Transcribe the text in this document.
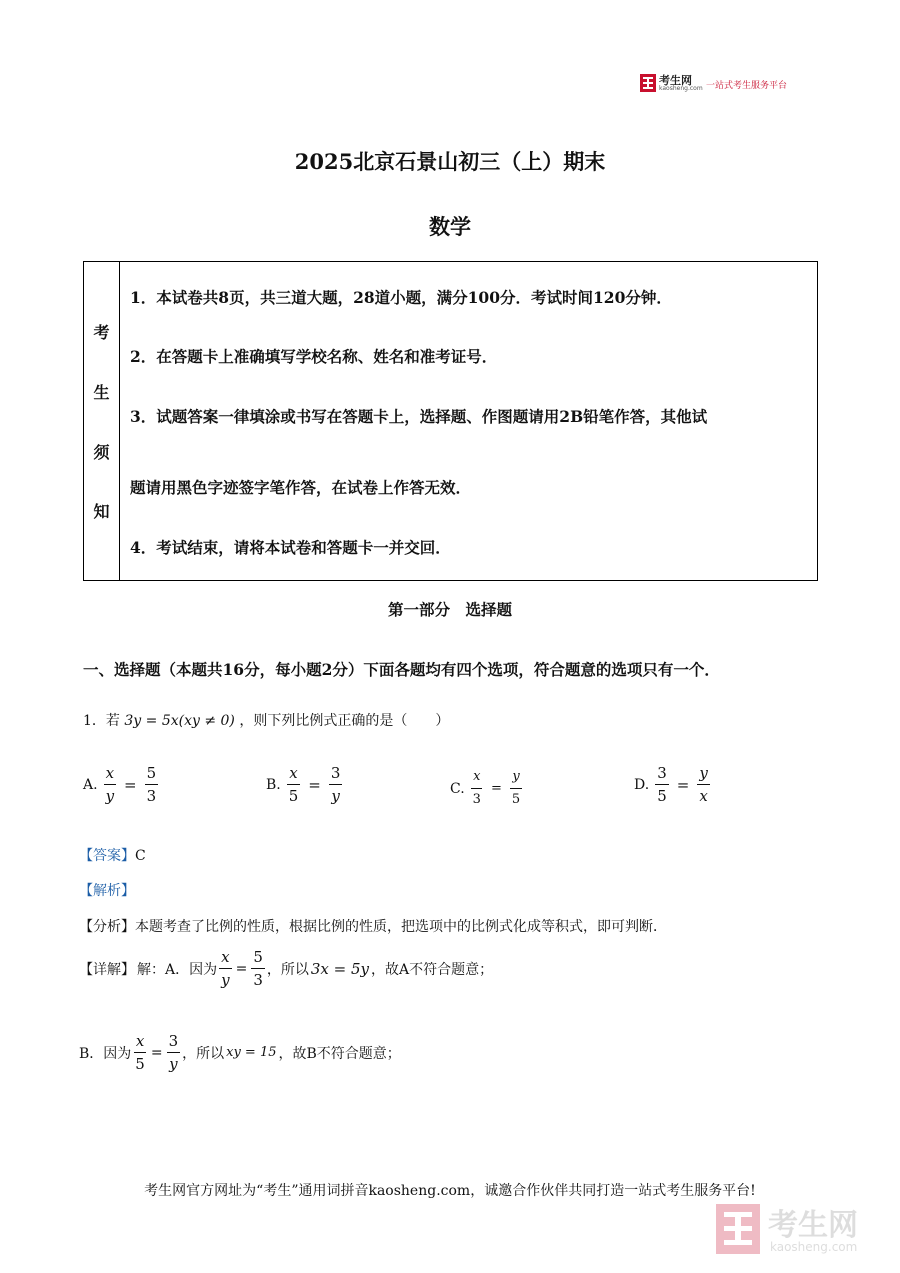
考生网
kaosheng.com 一站式考生服务平台
2025北京石景山初三（上）期末
数学
考
生
须
知
1．本试卷共8页，共三道大题，28道小题，满分100分．考试时间120分钟．
2．在答题卡上准确填写学校名称、姓名和准考证号．
3．试题答案一律填涂或书写在答题卡上，选择题、作图题请用2B铅笔作答，其他试
题请用黑色字迹签字笔作答，在试卷上作答无效．
4．考试结束，请将本试卷和答题卡一并交回．
第一部分　选择题
一、选择题（本题共16分，每小题2分）下面各题均有四个选项，符合题意的选项只有一个．
1．若 3y = 5x(xy ≠ 0) ，则下列比例式正确的是（　　）
A. $\frac{x}{y} = \frac{5}{3}$	B. $\frac{x}{5} = \frac{3}{y}$	C. $\frac{x}{3} = \frac{y}{5}$	D. $\frac{3}{5} = \frac{y}{x}$
【答案】C
【解析】
【分析】本题考查了比例的性质，根据比例的性质，把选项中的比例式化成等积式，即可判断．
【详解】 解：A．因为 $\frac{x}{y} = \frac{5}{3}$ ，所以 3x = 5y ，故A不符合题意；
B．因为 $\frac{x}{5} = \frac{3}{y}$ ，所以 xy = 15 ，故B不符合题意；
考生网官方网址为“考生”通用词拼音kaosheng.com，诚邀合作伙伴共同打造一站式考生服务平台!
考生网
kaosheng.com
